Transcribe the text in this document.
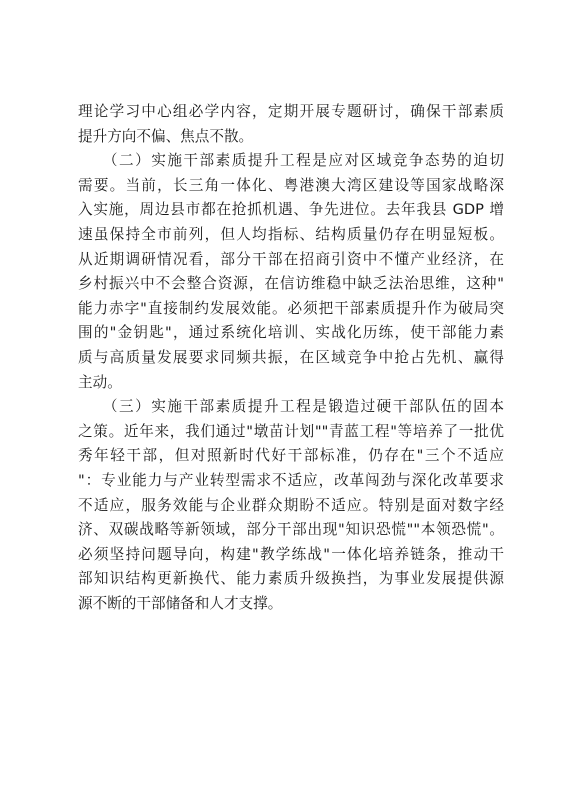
理论学习中心组必学内容，定期开展专题研讨，确保干部素质
提升方向不偏、焦点不散。
　　（二）实施干部素质提升工程是应对区域竞争态势的迫切
需要。当前，长三角一体化、粤港澳大湾区建设等国家战略深
入实施，周边县市都在抢抓机遇、争先进位。去年我县 GDP 增
速虽保持全市前列，但人均指标、结构质量仍存在明显短板。
从近期调研情况看，部分干部在招商引资中不懂产业经济，在
乡村振兴中不会整合资源，在信访维稳中缺乏法治思维，这种"
能力赤字"直接制约发展效能。必须把干部素质提升作为破局突
围的"金钥匙"，通过系统化培训、实战化历练，使干部能力素
质与高质量发展要求同频共振，在区域竞争中抢占先机、赢得
主动。
　　（三）实施干部素质提升工程是锻造过硬干部队伍的固本
之策。近年来，我们通过"墩苗计划""青蓝工程"等培养了一批优
秀年轻干部，但对照新时代好干部标准，仍存在"三个不适应
"：专业能力与产业转型需求不适应，改革闯劲与深化改革要求
不适应，服务效能与企业群众期盼不适应。特别是面对数字经
济、双碳战略等新领域，部分干部出现"知识恐慌""本领恐慌"。
必须坚持问题导向，构建"教学练战"一体化培养链条，推动干
部知识结构更新换代、能力素质升级换挡，为事业发展提供源
源不断的干部储备和人才支撑。
